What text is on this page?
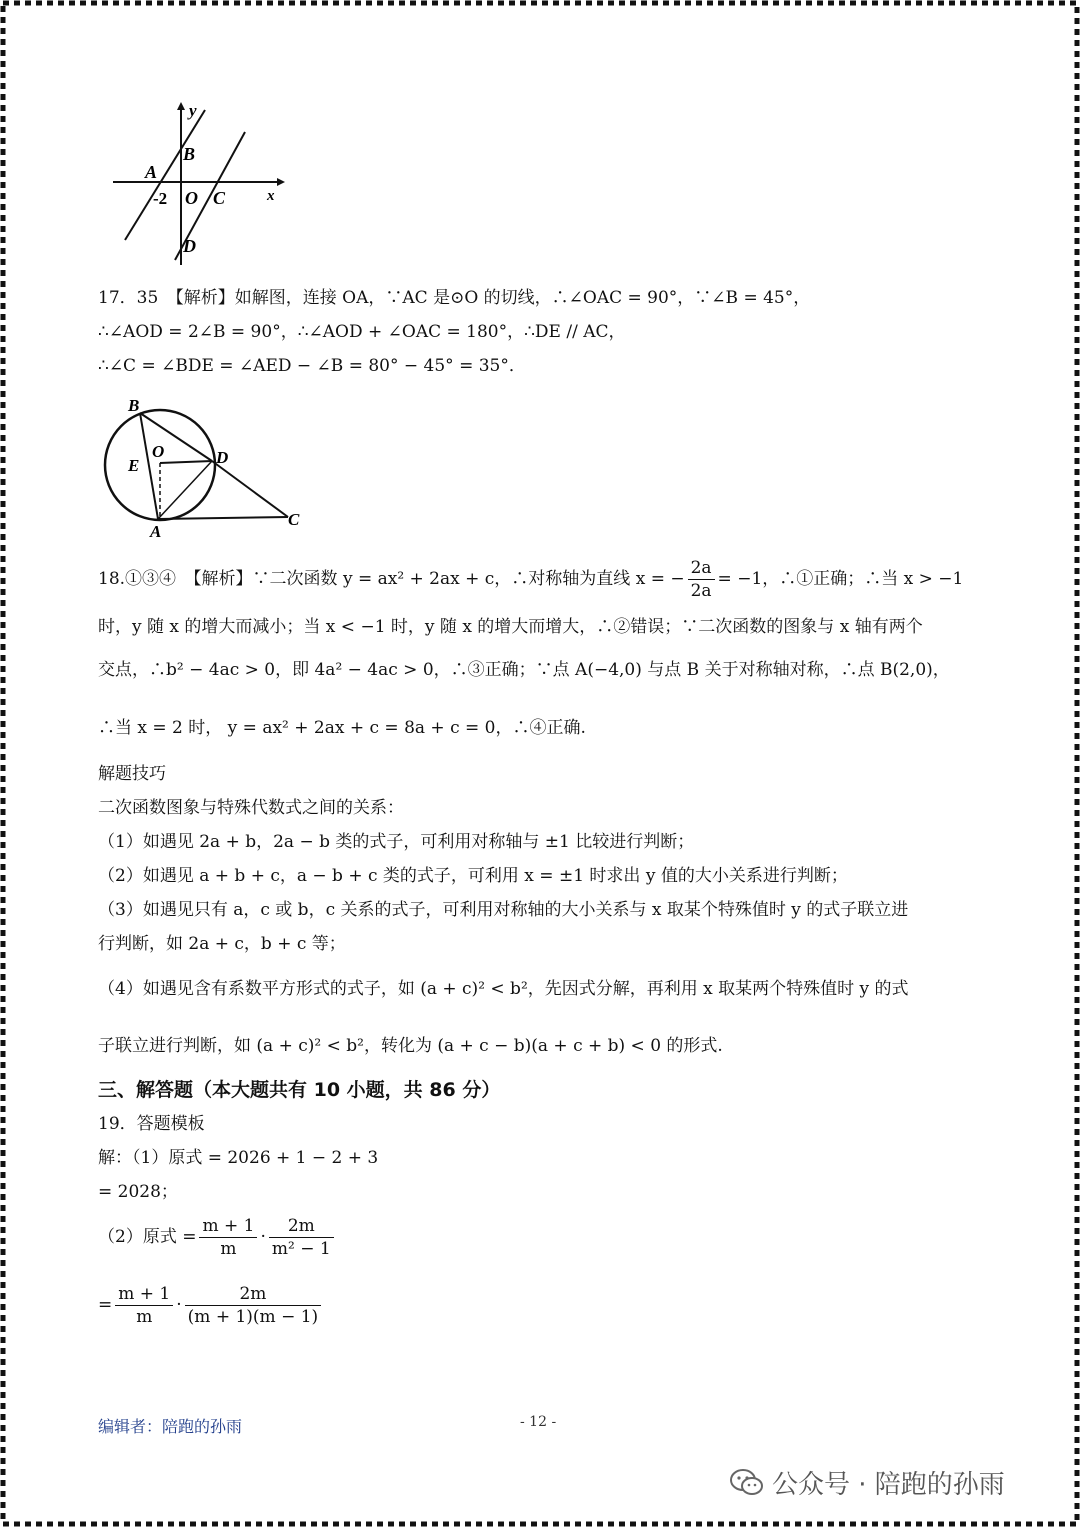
y
x
A
B
-2 O C
D
17．35　【解析】如解图，连接 OA，∵AC 是⊙O 的切线，∴∠OAC = 90°，∵∠B = 45°，
∴∠AOD = 2∠B = 90°，∴∠AOD + ∠OAC = 180°，∴DE // AC，
∴∠C = ∠BDE = ∠AED − ∠B = 80° − 45° = 35°．
B
O
E	D
A
C
18.①③④　【解析】∵二次函数 y = ax² + 2ax + c，∴对称轴为直线 x = − $\frac{2a}{2a} = -1$，∴①正确；∴当 x > −1
时，y 随 x 的增大而减小；当 x < −1 时，y 随 x 的增大而增大，∴②错误；∵二次函数的图象与 x 轴有两个
交点，∴b² − 4ac > 0，即 4a² − 4ac > 0，∴③正确；∵点 A(−4,0) 与点 B 关于对称轴对称，∴点 B(2,0)，
∴当 x = 2 时， y = ax² + 2ax + c = 8a + c = 0，∴④正确.
解题技巧
二次函数图象与特殊代数式之间的关系：
（1）如遇见 2a + b，2a − b 类的式子，可利用对称轴与 ±1 比较进行判断；
（2）如遇见 a + b + c，a − b + c 类的式子，可利用 x = ±1 时求出 y 值的大小关系进行判断；
（3）如遇见只有 a，c 或 b，c 关系的式子，可利用对称轴的大小关系与 x 取某个特殊值时 y 的式子联立进
行判断，如 2a + c，b + c 等；
（4）如遇见含有系数平方形式的式子，如 (a + c)² < b²，先因式分解，再利用 x 取某两个特殊值时 y 的式
子联立进行判断，如 (a + c)² < b²，转化为 (a + c − b)(a + c + b) < 0 的形式.
三、解答题（本大题共有 10 小题，共 86 分）
19．答题模板
解：（1）原式 = 2026 + 1 − 2 + 3
= 2028；
（2）原式 = $\frac{m + 1}{m} \cdot \frac{2m}{\text{m² − 1}}$
= $\frac{m + 1}{m} \cdot \frac{2m}{(m + 1)(m - 1)}$
编辑者：陪跑的孙雨	- 12 -
公众号 · 陪跑的孙雨
